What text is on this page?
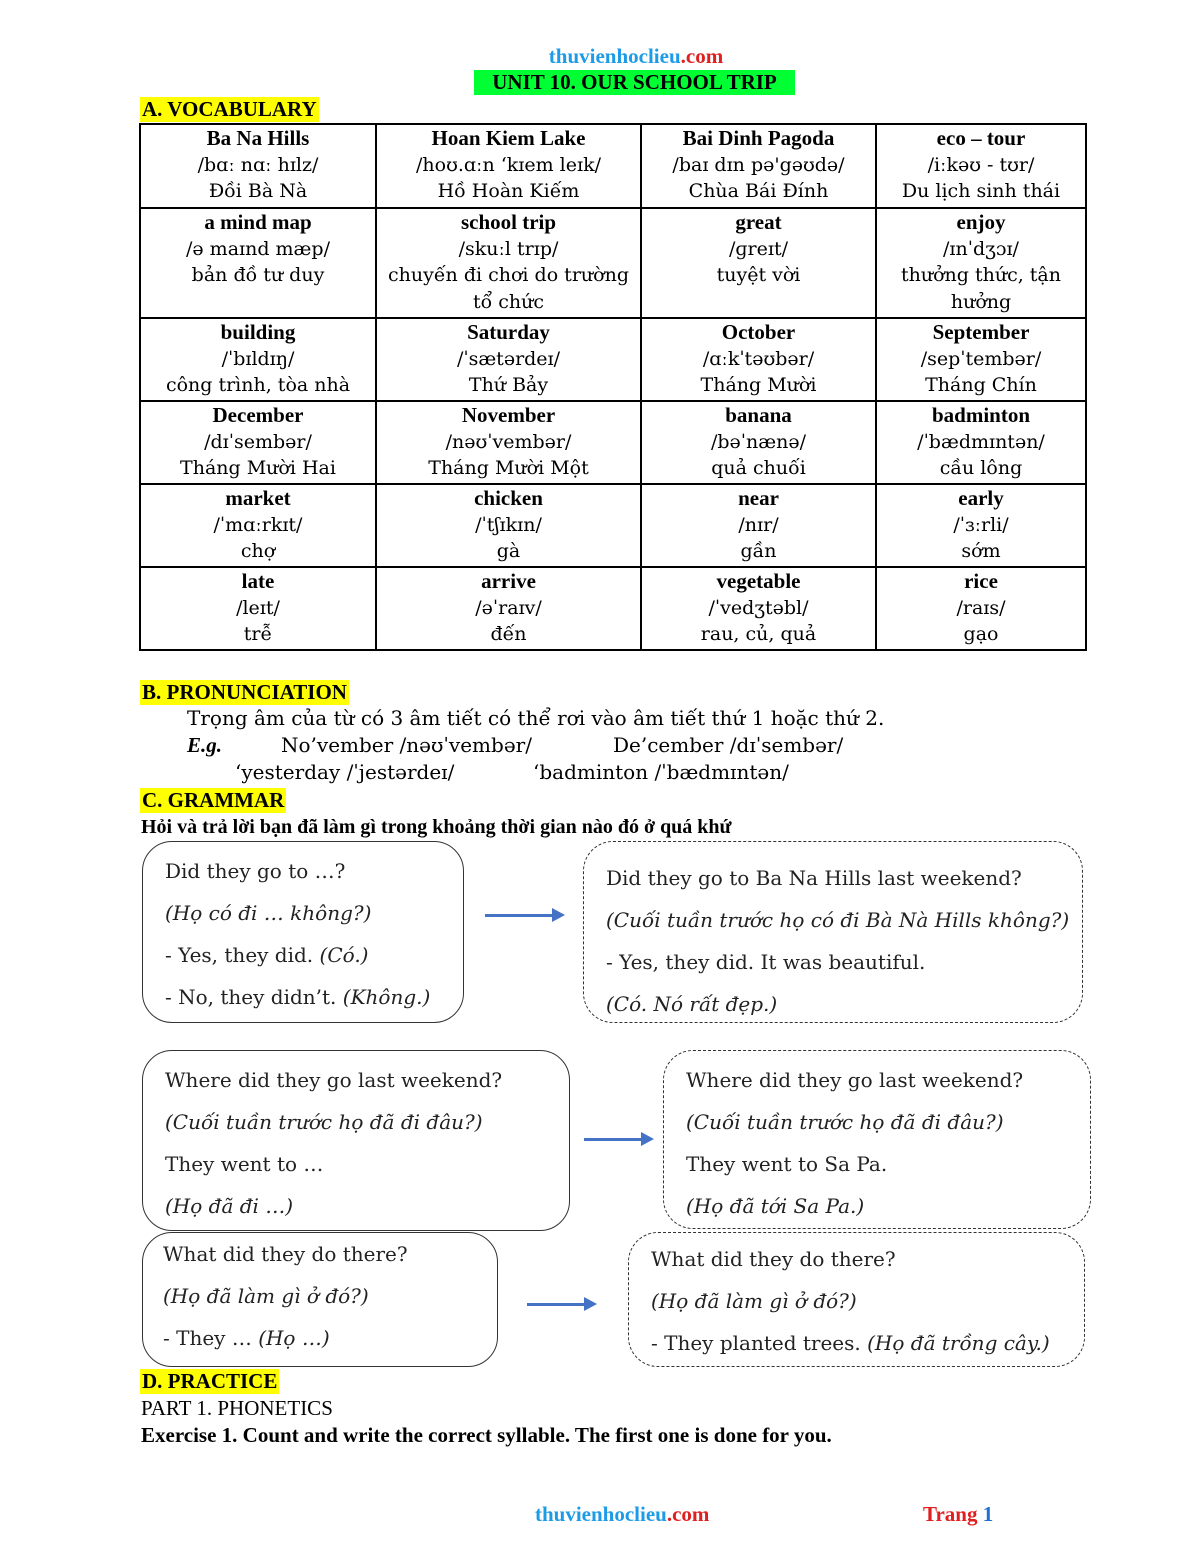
thuvienhoclieu.com
UNIT 10. OUR SCHOOL TRIP
A. VOCABULARY
Ba Na Hills
/bɑː nɑː hɪlz/
Đồi Bà Nà	Hoan Kiem Lake
/hoʊ.ɑːn ‘kɪem leɪk/
Hồ Hoàn Kiếm	Bai Dinh Pagoda
/baɪ dɪn pə'gəʊdə/
Chùa Bái Đính	eco – tour
/iːkəʊ - tʊr/
Du lịch sinh thái

a mind map
/ə maɪnd mæp/
bản đồ tư duy	school trip
/skuːl trɪp/
chuyến đi chơi do trường tổ chức	great
/ɡreɪt/
tuyệt vời	enjoy
/ɪnˈdʒɔɪ/
thưởng thức, tận hưởng

building
/ˈbɪldɪŋ/
công trình, tòa nhà	Saturday
/ˈsætərdeɪ/
Thứ Bảy	October
/ɑːkˈtəʊbər/
Tháng Mười	September
/sepˈtembər/
Tháng Chín

December
/dɪˈsembər/
Tháng Mười Hai	November
/nəʊˈvembər/
Tháng Mười Một	banana
/bəˈnænə/
quả chuối	badminton
/ˈbædmɪntən/
cầu lông

market
/ˈmɑːrkɪt/
chợ	chicken
/ˈtʃɪkɪn/
gà	near
/nɪr/
gần	early
/ˈɜːrli/
sớm

late
/leɪt/
trễ	arrive
/əˈraɪv/
đến	vegetable
/ˈvedʒtəbl/
rau, củ, quả	rice
/raɪs/
gạo
B. PRONUNCIATION
Trọng âm của từ có 3 âm tiết có thể rơi vào âm tiết thứ 1 hoặc thứ 2.
E.g.	No’vember /nəʊˈvembər/	De’cember /dɪˈsembər/
‘yesterday /ˈjestərdeɪ/	‘badminton /ˈbædmɪntən/
C. GRAMMAR
Hỏi và trả lời bạn đã làm gì trong khoảng thời gian nào đó ở quá khứ
Did they go to …?
(Họ có đi … không?)
- Yes, they did. (Có.)
- No, they didn’t. (Không.)
Did they go to Ba Na Hills last weekend?
(Cuối tuần trước họ có đi Bà Nà Hills không?)
- Yes, they did. It was beautiful.
(Có. Nó rất đẹp.)
Where did they go last weekend?
(Cuối tuần trước họ đã đi đâu?)
They went to …
(Họ đã đi …)
Where did they go last weekend?
(Cuối tuần trước họ đã đi đâu?)
They went to Sa Pa.
(Họ đã tới Sa Pa.)
What did they do there?
(Họ đã làm gì ở đó?)
- They … (Họ …)
What did they do there?
(Họ đã làm gì ở đó?)
- They planted trees. (Họ đã trồng cây.)
D. PRACTICE
PART 1. PHONETICS
Exercise 1. Count and write the correct syllable. The first one is done for you.
thuvienhoclieu.com	Trang 1
